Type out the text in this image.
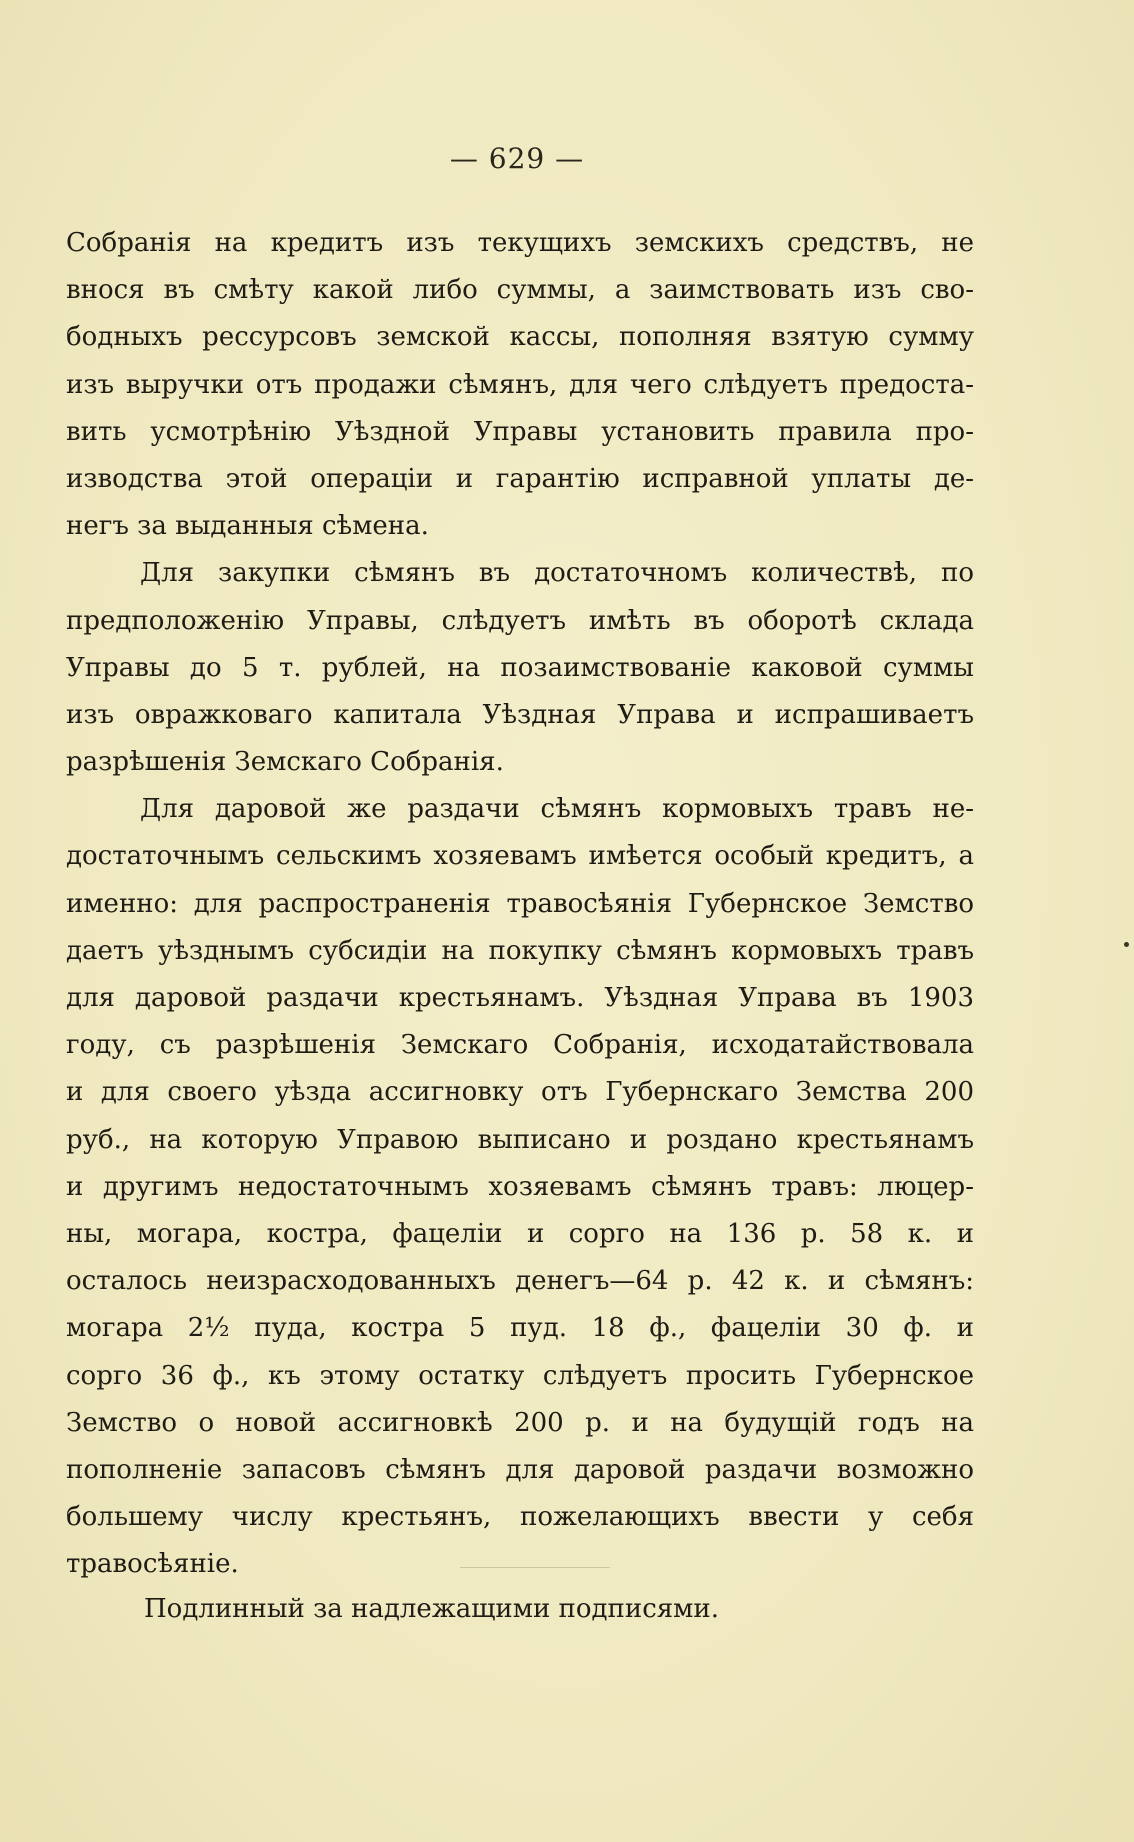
— 629 —
Собранія на кредитъ изъ текущихъ земскихъ средствъ, не
внося въ смѣту какой либо суммы, а заимствовать изъ сво-
бодныхъ рессурсовъ земской кассы, пополняя взятую сумму
изъ выручки отъ продажи сѣмянъ, для чего слѣдуетъ предоста-
вить усмотрѣнію Уѣздной Управы установить правила про-
изводства этой операціи и гарантію исправной уплаты де-
негъ за выданныя сѣмена.
Для закупки сѣмянъ въ достаточномъ количествѣ, по
предположенію Управы, слѣдуетъ имѣть въ оборотѣ склада
Управы до 5 т. рублей, на позаимствованіе каковой суммы
изъ овражковаго капитала Уѣздная Управа и испрашиваетъ
разрѣшенія Земскаго Собранія.
Для даровой же раздачи сѣмянъ кормовыхъ травъ не-
достаточнымъ сельскимъ хозяевамъ имѣется особый кредитъ, а
именно: для распространенія травосѣянія Губернское Земство
даетъ уѣзднымъ субсидіи на покупку сѣмянъ кормовыхъ травъ
для даровой раздачи крестьянамъ. Уѣздная Управа въ 1903
году, съ разрѣшенія Земскаго Собранія, исходатайствовала
и для своего уѣзда ассигновку отъ Губернскаго Земства 200
руб., на которую Управою выписано и роздано крестьянамъ
и другимъ недостаточнымъ хозяевамъ сѣмянъ травъ: люцер-
ны, могара, костра, фацеліи и сорго на 136 р. 58 к. и
осталось неизрасходованныхъ денегъ—64 р. 42 к. и сѣмянъ:
могара 2½ пуда, костра 5 пуд. 18 ф., фацеліи 30 ф. и
сорго 36 ф., къ этому остатку слѣдуетъ просить Губернское
Земство о новой ассигновкѣ 200 р. и на будущій годъ на
пополненіе запасовъ сѣмянъ для даровой раздачи возможно
большему числу крестьянъ, пожелающихъ ввести у себя
травосѣяніе.
Подлинный за надлежащими подписями.
